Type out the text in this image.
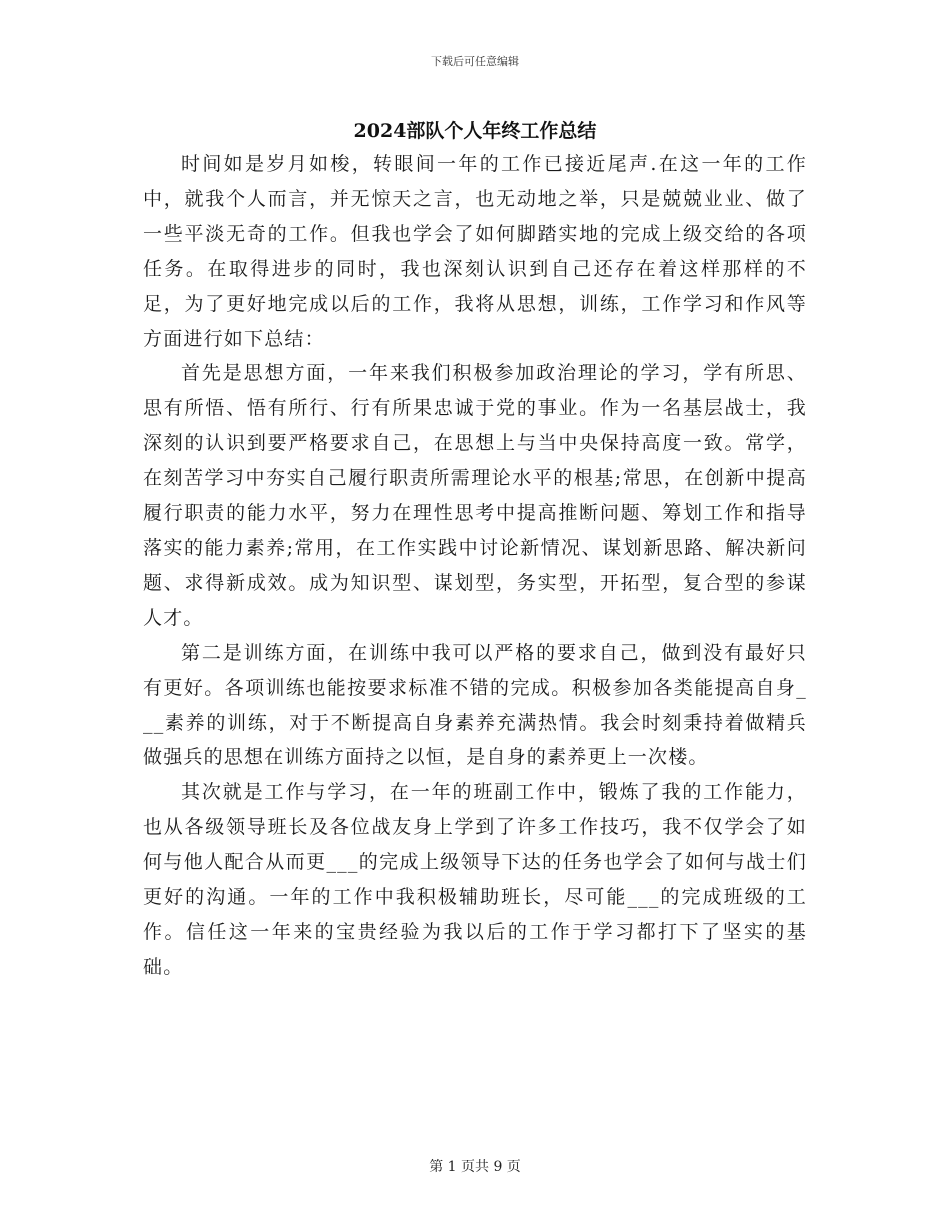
下载后可任意编辑
2024部队个人年终工作总结

时间如是岁月如梭，转眼间一年的工作已接近尾声.在这一年的工作中，就我个人而言，并无惊天之言，也无动地之举，只是兢兢业业、做了一些平淡无奇的工作。但我也学会了如何脚踏实地的完成上级交给的各项任务。在取得进步的同时，我也深刻认识到自己还存在着这样那样的不足，为了更好地完成以后的工作，我将从思想，训练，工作学习和作风等方面进行如下总结：

首先是思想方面，一年来我们积极参加政治理论的学习，学有所思、思有所悟、悟有所行、行有所果忠诚于党的事业。作为一名基层战士，我深刻的认识到要严格要求自己，在思想上与当中央保持高度一致。常学，在刻苦学习中夯实自己履行职责所需理论水平的根基;常思，在创新中提高履行职责的能力水平，努力在理性思考中提高推断问题、筹划工作和指导落实的能力素养;常用，在工作实践中讨论新情况、谋划新思路、解决新问题、求得新成效。成为知识型、谋划型，务实型，开拓型，复合型的参谋人才。

第二是训练方面，在训练中我可以严格的要求自己，做到没有最好只有更好。各项训练也能按要求标准不错的完成。积极参加各类能提高自身___素养的训练，对于不断提高自身素养充满热情。我会时刻秉持着做精兵做强兵的思想在训练方面持之以恒，是自身的素养更上一次楼。

其次就是工作与学习，在一年的班副工作中，锻炼了我的工作能力，也从各级领导班长及各位战友身上学到了许多工作技巧，我不仅学会了如何与他人配合从而更___的完成上级领导下达的任务也学会了如何与战士们更好的沟通。一年的工作中我积极辅助班长，尽可能___的完成班级的工作。信任这一年来的宝贵经验为我以后的工作于学习都打下了坚实的基础。

第 1 页共 9 页
